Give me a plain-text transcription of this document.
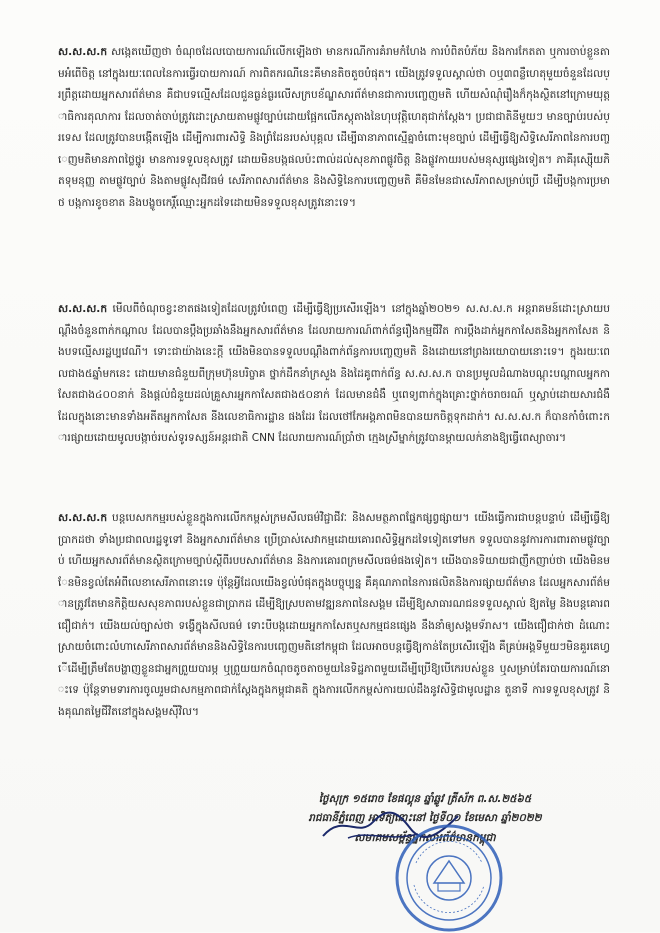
ស.ស.ស.ក សង្កេតឃើញថា ចំណុចដែលបោយការណ៍លើកឡើងថា មានករណីការគំរាមកំហែង ការបំពិតបំភ័យ និងការកែតតា ឬការចាប់ខ្លួនតាមអំពើចិត្ត នៅក្នុងរយៈពេលនៃការធ្វើរបាយការណ៍ ការពិតករណីនេះគឺមានតិចតួចបំផុត។ យើងត្រូវទទួលស្គាល់ថា ០ឬ៣ពន្លឺហេតុមួយចំនួនដែលប្រព្រឹត្តដោយអ្នកសារព័ត៌មាន គឺជាបទល្មើសដែលជួនធ្ងន់ធ្ងរលើសក្របខ័ណ្ឌសារព័ត៌មានជាការបញ្ចេញមតិ ហើយសំណុំរឿងក៏កុងស្ថិតនៅក្រោមយុត្តាធិការតុលាការ ដែលចាត់ចាប់ត្រូវដោះស្រាយតាមផ្លូវច្បាប់ដោយផ្អែកលើភស្តុតាងនៃហុបវុត្តិហេតុជាក់ស្តែង។ ប្រជាជាតិនីមួយៗ មានច្បាប់របស់ប្រទេស ដែលត្រូវបានបង្កើតឡើង ដើម្បីការពារសិទ្ធិ និងព្រំដែនរបស់បុគ្គល ដើម្បីធានាភាពស្មើគ្នាចំពោះមុខច្បាប់ ដើម្បីធ្វើឱ្យសិទ្ធិសេរីភាពនៃការបញ្ចេញមតិមានភាពថ្លៃថ្នូរ មានការទទួលខុសត្រូវ ដោយមិនបង្កផលប៉ះពាល់ដល់សុខភាពផ្លូវចិត្ត និងផ្លូវកាយរបស់មនុស្សផ្សេងទៀត។ ភាគីរុស្ស៊ើយភិតទុមនុញ្ញ តាមផ្លូវច្បាប់ និងតាមផ្លូវសុជីវធម៌ សេរីភាពសារព័ត៌មាន និងសិទ្ធិនៃការបញ្ចេញមតិ គឺមិនមែនជាសេរីភាពសម្រាប់ប្រើ ដើម្បីបង្កការប្រមាថ បង្កការខូចខាត និងបង្ខូចកេរ្តិ៍ឈ្មោះអ្នកដទៃដោយមិនទទួលខុសត្រូវនោះទេ។

ស.ស.ស.ក មើលពីចំណុចខ្វះខាតផងទៀតដែលត្រូវបំពេញ ដើម្បីធ្វើឱ្យប្រសើរឡើង។ នៅក្នុងឆ្នាំ២០២១ ស.ស.ស.ក អន្តរាគមន៍ដោះស្រាយបណ្តឹងចំនួនពាក់កណ្តាល ដែលបានប្តឹងប្រឆាំងនឹងអ្នកសារព័ត៌មាន ដែលរាយការណ៍ពាក់ព័ន្ធរឿងកម្មជីវិត ការប្តឹងដាក់អ្នកកាសែតនិងអ្នកកាសែត និងបទល្មើសរដ្ឋប្បវេណី។ ទោះជាយ៉ាងនេះក្តី យើងមិនបានទទួលបណ្តឹងពាក់ព័ន្ធការបញ្ចេញមតិ និងដោយនៅព្រងរយោបាយនោះទេ។ ក្នុងរយៈពេលជាង៥ឆ្នាំមកនេះ ដោយមានជំនួយពីក្រុមហ៊ុនបរិច្ចាគ ថ្នាក់ដឹកនាំក្រសួង និងដៃគូពាក់ព័ន្ធ ស.ស.ស.ក បានប្រមូលដំណាងបណ្តុះបណ្តាលអ្នកកាសែតជាង៤០០នាក់ និងផ្តល់ជំនួយដល់គ្រួសារអ្នកកាសែតជាង៥០នាក់ ដែលមានជំងឺ ឬពេទ្យពាក់ក្នុងគ្រោះថ្នាក់ចរាចរណ៍ ឬស្លាប់ដោយសារជំងឺ ដែលក្នុងនោះមានទាំងអតីតអ្នកកាសែត នីងលេខាធិការដ្ឋាន ផងដែរ ដែលថៅកែអង្គភាពមិនបានយកចិត្តទុកដាក់។ ស.ស.ស.ក ក៏បានកាំចំពោះការផ្សាយដោយមូលបង្កាច់របស់ទូរទស្សន៍អន្តរជាតិ CNN ដែលរាយការណ៍ប្រាំថា ក្មេងស្រីម្នាក់ត្រូវបានម្តាយលក់នាងឱ្យធ្វើពេស្យាចារ។

ស.ស.ស.ក បន្តបេសកកម្មរបស់ខ្លួនក្នុងការលើកកម្ពស់ក្រមសីលធម៌វិជ្ជាជីវៈ និងសមត្ថភាពផ្នែកផ្សព្វផ្សាយ។ យើងធ្វើការជាបន្តបន្ទាប់ ដើម្បីធ្វើឱ្យប្រាកដថា ទាំងប្រជាពលរដ្ឋទូទៅ និងអ្នកសារព័ត៌មាន ប្រើប្រាស់សេវាកម្មដោយគោរពសិទ្ធិអ្នកដទៃទៀតទៅមក ទទួលបាននូវការការពារតាមផ្លូវច្បាប់ ហើយអ្នកសារព័ត៌មានស្ថិតក្រោមច្បាប់ស្តីពីរបបសារព័ត៌មាន និងការគោរពក្រមសីលធម៌ផងទៀត។ យើងបានទិយាយជាញឹកញាប់ថា យើងមិនមែនមិនខ្វល់តែអំពីលេខាសេរីភាពនោះទេ ប៉ុន្តែអ្វីដែលយើងខ្វល់បំផុតក្នុងបច្ចុប្បន្ន គឺគុណភាពនៃការផលិតនិងការផ្សាយព័ត៌មាន ដែលអ្នកសារព័ត៌មានត្រូវតែមានកិត្តិយសសុខភាពរបស់ខ្លួនជាប្រាកដ ដើម្បីឱ្យស្របតាមវឌ្ឍនភាពនៃសង្គម ដើម្បីឱ្យសាធារណជនទទួលស្គាល់ ឱ្យតម្លៃ និងបន្តគោរពជឿជាក់។ យើងយល់ច្បាស់ថា ទង្វើក្នុងសីលធម៌ ទោះបីបង្កដោយអ្នកកាសែតឬសកម្មជនផ្សេង នឹងនាំឲ្យសង្គមទ័រាស។ យើងជឿជាក់ថា ដំណោះស្រាយចំពោះលំហាសេរីភាពសារព័ត៌មាននិងសិទ្ធិនៃការបញ្ចេញមតិនៅកម្ពុជា ដែលអាចបន្តធ្វើឱ្យកាន់តែប្រសើរឡើង គឺគ្រប់អង្គទីមួយៗមិនគួរគេហ្វើដើម្បីត្រឹមតែបង្ហាញខ្លួនជាអ្នកព្រួយបារម្ភ ឬព្រួយយកចំណុចតូចតាចមួយនៃទិដ្ឋភាពមួយដើម្បីប្រើឱ្យបើកេរបស់ខ្លួន ឬសម្រាប់តែរបាយការណ៍នោះទេ ប៉ុន្តែទាមទារការចូលរួមជាសកម្មភាពជាក់ស្តែងក្នុងកម្ពុជាគតិ ក្នុងការលើកកម្ពស់ការយល់ដឹងនូវសិទ្ធិជាមូលដ្ឋាន តួនាទី ការទទួលខុសត្រូវ និងគុណតម្លៃជីវិតនៅក្នុងសង្គមស៊ីវិល។

ថ្ងៃសុក្រ ១៥រោច ខែផល្គុន ឆ្នាំឆ្លូវ ត្រីស័ក ព.ស.២៥៦៥
រាជធានីភ្នំពេញ អាទិត្យនោះនៅ ថ្ងៃទី០១ ខែមេសា ឆ្នាំ២០២២
សមាគមសម្ព័ន្ធអ្នកសារព័ត៌មានកម្ពុជា
